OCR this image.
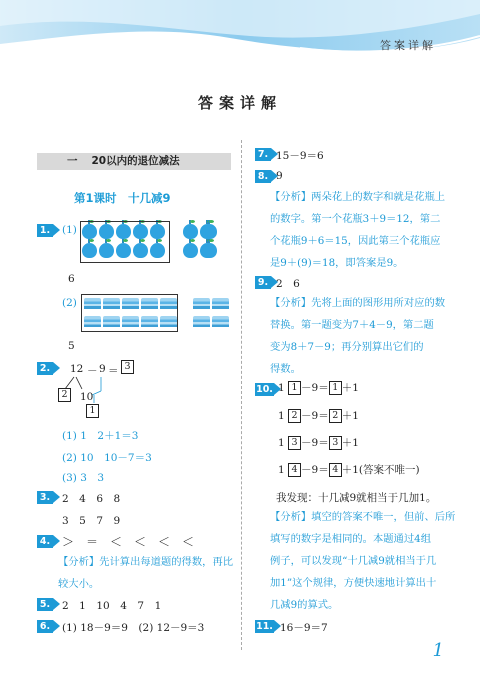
答案详解
答案详解
一 20以内的退位减法
第1课时　十几减9
1. (1)
6
(2)
5
2. 12 － 9 ＝ 3
2	10
1
(1) 1　2＋1＝3
(2) 10　10－7＝3
(3) 3　3
3. 2　4　6　8
3　5　7　9
4. ＞　＝　＜　＜　＜　＜
【分析】先计算出每道题的得数，再比
较大小。
5. 2　1　10　4　7　1
6. (1) 18－9＝9　(2) 12－9＝3
7. 15－9＝6
8. 9
【分析】两朵花上的数字和就是花瓶上
的数字。第一个花瓶3＋9＝12，第二
个花瓶9＋6＝15，因此第三个花瓶应
是9＋(9)＝18，即答案是9。
9. 2　6
【分析】先将上面的图形用所对应的数
替换。第一题变为7＋4－9，第二题
变为8＋7－9；再分别算出它们的
得数。
10. 1 1 －9＝ 1 ＋1
1 2 －9＝ 2 ＋1
1 3 －9＝ 3 ＋1
1 4 －9＝ 4 ＋1(答案不唯一)
我发现：十几减9就相当于几加1。
【分析】填空的答案不唯一，但前、后所
填写的数字是相同的。本题通过4组
例子，可以发现“十几减9就相当于几
加1”这个规律，方便快速地计算出十
几减9的算式。
11. 16－9＝7
1
